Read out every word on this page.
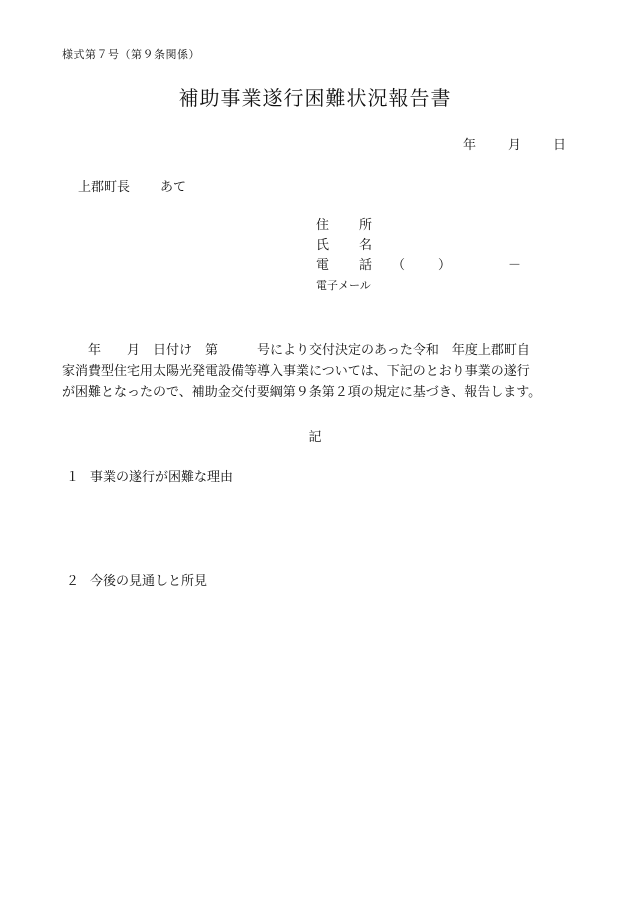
様式第７号（第９条関係）
補助事業遂行困難状況報告書
年 月 日
上郡町長 あて
住 所
氏 名
電 話 （	）	－
電子メール
年　　月　日付け　第　　　号により交付決定のあった令和　年度上郡町自
家消費型住宅用太陽光発電設備等導入事業については、下記のとおり事業の遂行
が困難となったので、補助金交付要綱第９条第２項の規定に基づき、報告します。
記
１ 事業の遂行が困難な理由
２ 今後の見通しと所見
